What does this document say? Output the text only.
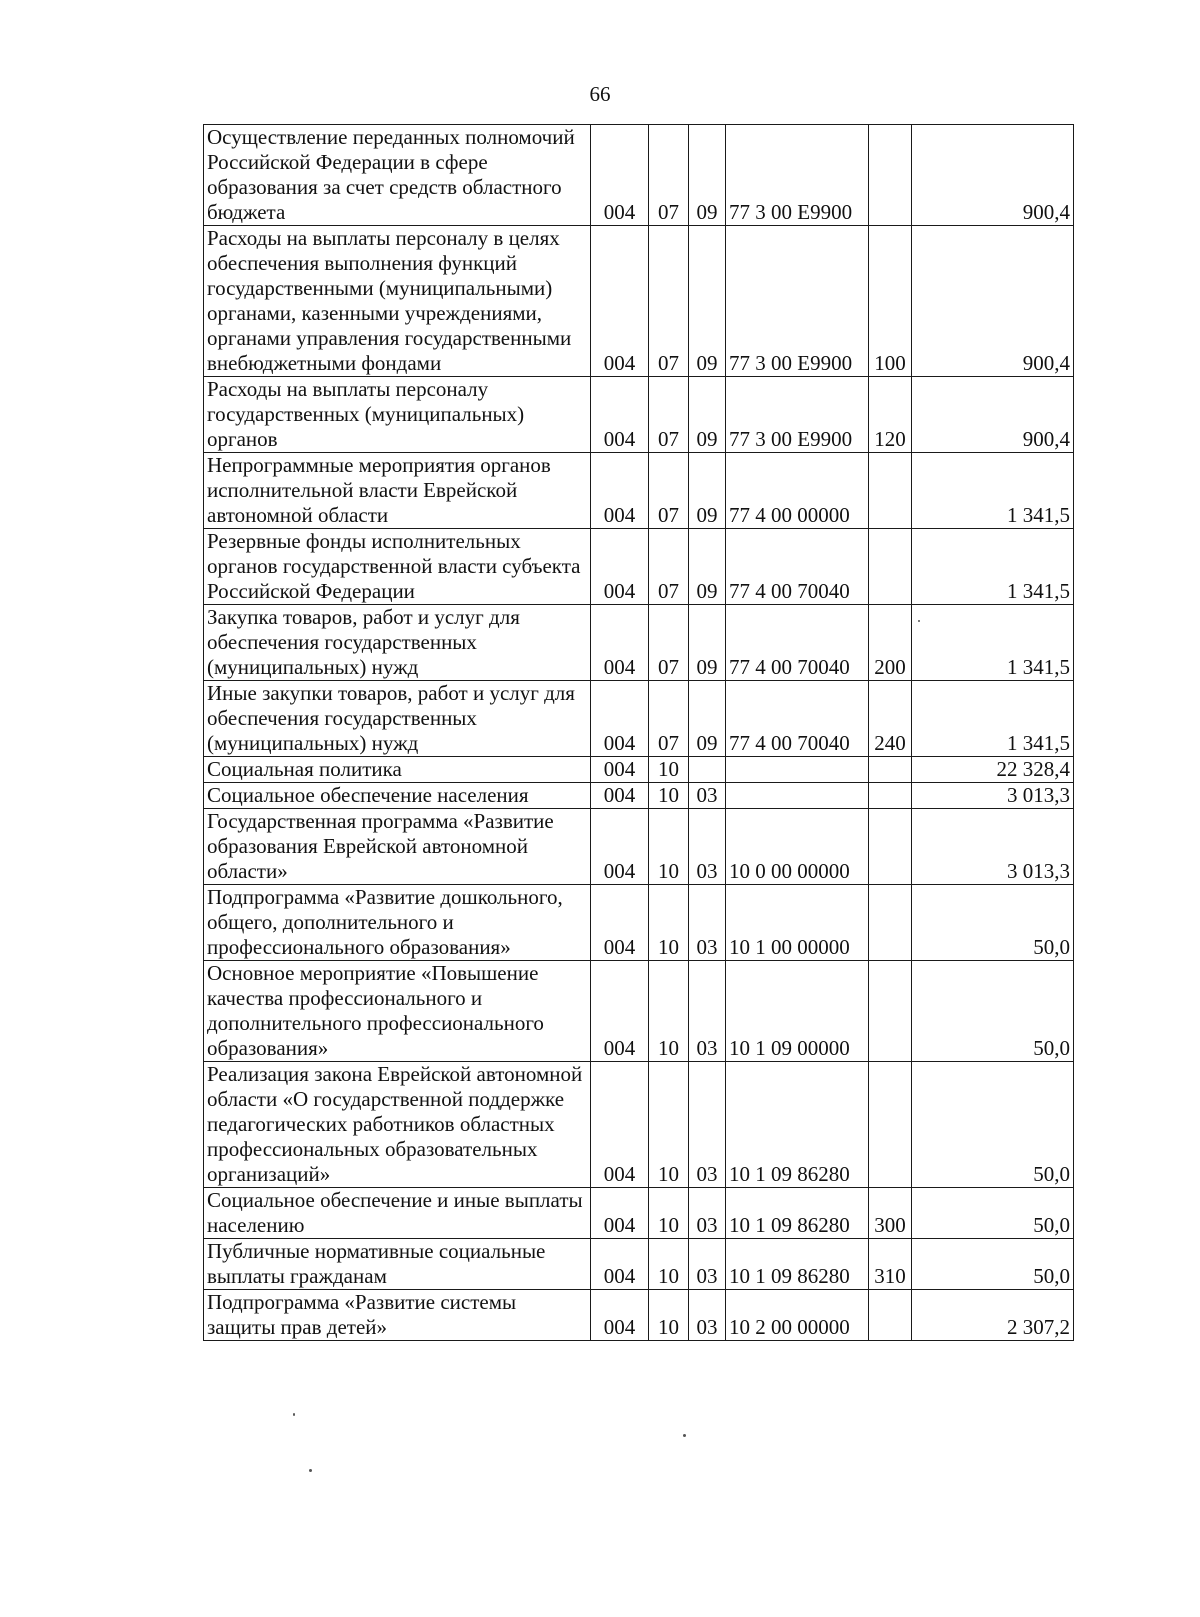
66
Осуществление переданных полномочий Российской Федерации в сфере образования за счет средств областного бюджета	004	07	09	77 3 00 Е9900		900,4
Расходы на выплаты персоналу в целях обеспечения выполнения функций государственными (муниципальными) органами, казенными учреждениями, органами управления государственными внебюджетными фондами	004	07	09	77 3 00 Е9900	100	900,4
Расходы на выплаты персоналу государственных (муниципальных) органов	004	07	09	77 3 00 Е9900	120	900,4
Непрограммные мероприятия органов исполнительной власти Еврейской автономной области	004	07	09	77 4 00 00000		1 341,5
Резервные фонды исполнительных органов государственной власти субъекта Российской Федерации	004	07	09	77 4 00 70040		1 341,5
Закупка товаров, работ и услуг для обеспечения государственных (муниципальных) нужд	004	07	09	77 4 00 70040	200	1 341,5
Иные закупки товаров, работ и услуг для обеспечения государственных (муниципальных) нужд	004	07	09	77 4 00 70040	240	1 341,5
Социальная политика	004	10				22 328,4
Социальное обеспечение населения	004	10	03			3 013,3
Государственная программа «Развитие образования Еврейской автономной области»	004	10	03	10 0 00 00000		3 013,3
Подпрограмма «Развитие дошкольного, общего, дополнительного и профессионального образования»	004	10	03	10 1 00 00000		50,0
Основное мероприятие «Повышение качества профессионального и дополнительного профессионального образования»	004	10	03	10 1 09 00000		50,0
Реализация закона Еврейской автономной области «О государственной поддержке педагогических работников областных профессиональных образовательных организаций»	004	10	03	10 1 09 86280		50,0
Социальное обеспечение и иные выплаты населению	004	10	03	10 1 09 86280	300	50,0
Публичные нормативные социальные выплаты гражданам	004	10	03	10 1 09 86280	310	50,0
Подпрограмма «Развитие системы защиты прав детей»	004	10	03	10 2 00 00000		2 307,2
